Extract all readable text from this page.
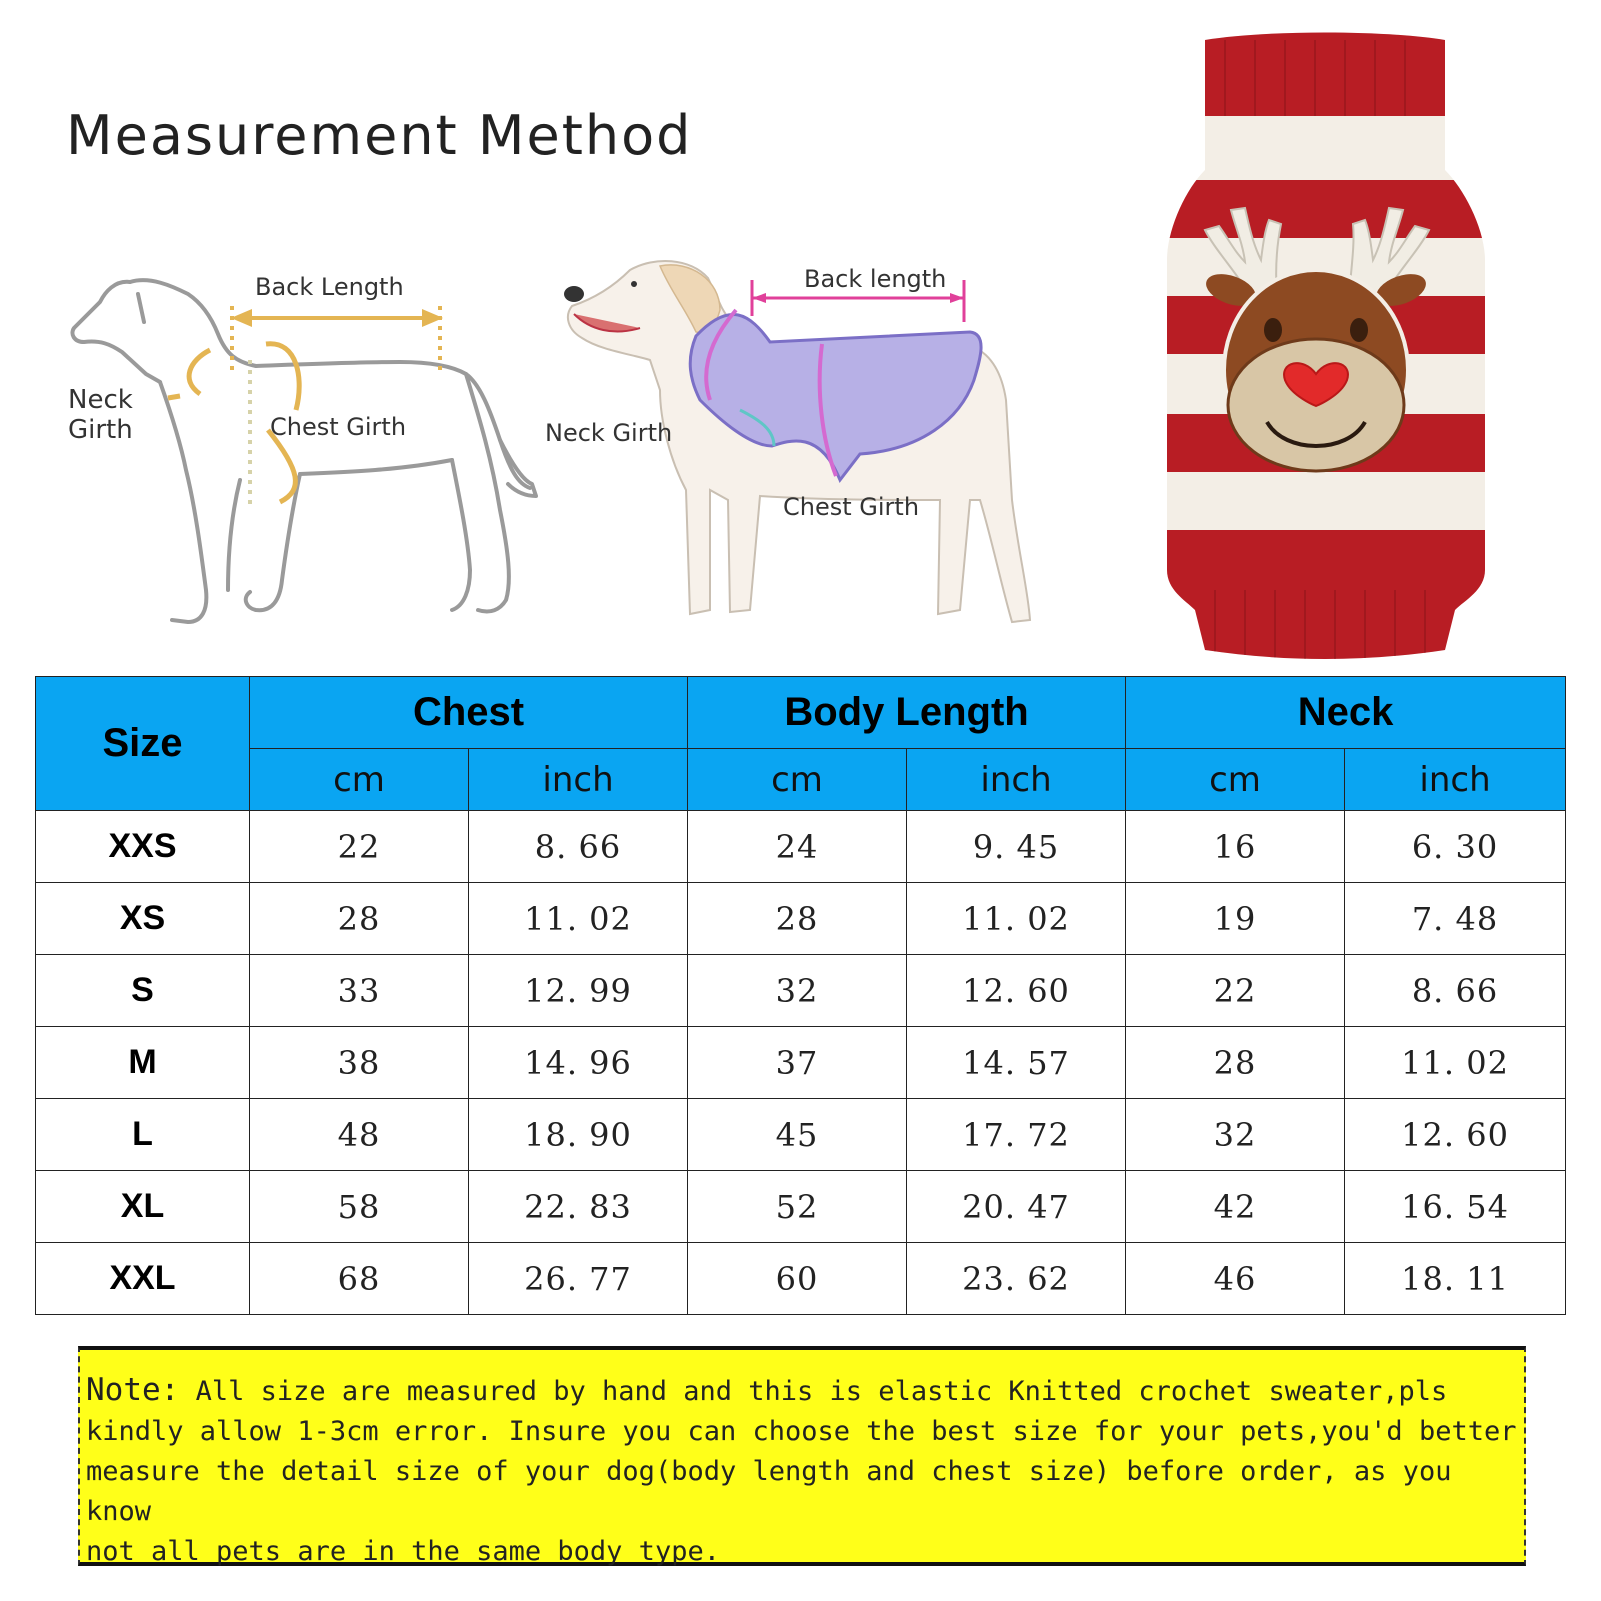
Measurement Method
Back Length
Neck
Girth	Chest Girth
Back length
Neck Girth
Chest Girth
Size	Chest		Body Length		Neck	
	cm	inch	cm	inch	cm	inch
XXS	22	8. 66	24	9. 45	16	6. 30
XS	28	11. 02	28	11. 02	19	7. 48
S	33	12. 99	32	12. 60	22	8. 66
M	38	14. 96	37	14. 57	28	11. 02
L	48	18. 90	45	17. 72	32	12. 60
XL	58	22. 83	52	20. 47	42	16. 54
XXL	68	26. 77	60	23. 62	46	18. 11
Note: All size are measured by hand and this is elastic Knitted crochet sweater,pls
kindly allow 1-3cm error. Insure you can choose the best size for your pets,you'd better
measure the detail size of your dog(body length and chest size) before order, as you know
not all pets are in the same body type.
